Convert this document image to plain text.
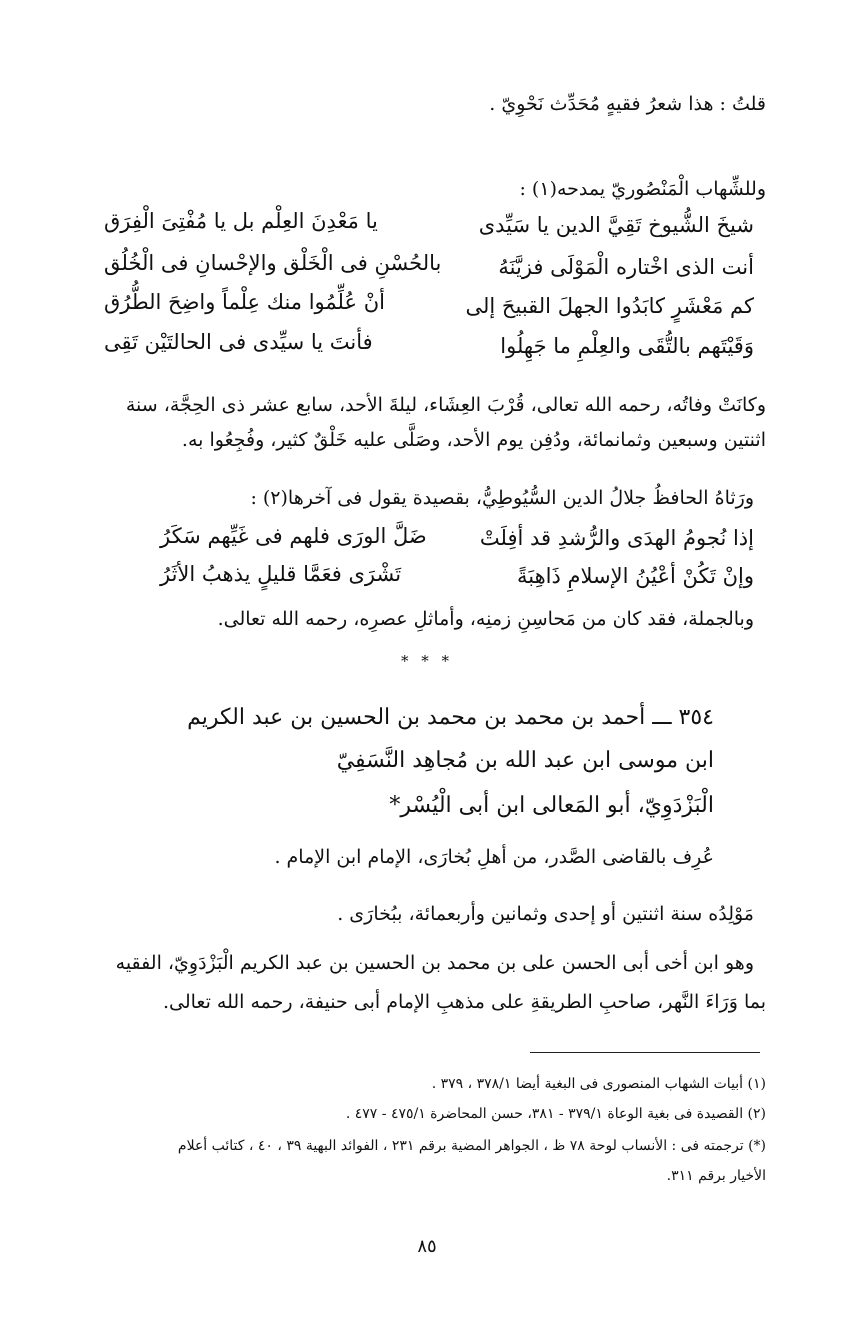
قلتُ : هذا شعرُ فقيهٍ مُحَدِّث نَحْوِيّ .
وللشِّهاب الْمَنْصُوريّ يمدحه(١) :
شيخَ الشُّيوخ تَقِيَّ الدين يا سَيِّدى
يا مَعْدِنَ العِلْم بل يا مُفْتِىَ الْفِرَق
أنت الذى اخْتاره الْمَوْلَى فزيَّنَهُ
بالحُسْنِ فى الْخَلْق والإحْسانِ فى الْخُلُق
كم مَعْشَرٍ كابَدُوا الجهلَ القبيحَ إلى
أنْ عُلِّمُوا منك عِلْماً واضِحَ الطُّرُق
وَقَيْتَهم بالتُّقَى والعِلْمِ ما جَهِلُوا
فأنتَ يا سيِّدى فى الحالتَيْن تَقِى
وكانَتْ وفاتُه، رحمه الله تعالى، قُرْبَ العِشَاء، ليلةَ الأحد، سابع عشر ذى الحِجَّة، سنة
اثنتين وسبعين وثمانمائة، ودُفِن يوم الأحد، وصَلَّى عليه خَلْقٌ كثير، وفُجِعُوا به.
ورَثاهُ الحافظُ جلالُ الدين السُّيُوطِيُّ، بقصيدة يقول فى آخرها(٢) :
إذا نُجومُ الهدَى والرُّشدِ قد أفِلَتْ
ضَلَّ الورَى فلهم فى غَيِّهم سَكَرُ
وإنْ تَكُنْ أعْيُنُ الإسلامِ ذَاهِبَةً
تَشْرَى فعَمَّا قليلٍ يذهبُ الأثَرُ
وبالجملة، فقد كان من مَحاسِنِ زمنِه، وأماثلِ عصرِه، رحمه الله تعالى.
* * *
٣٥٤ ـــ أحمد بن محمد بن محمد بن الحسين بن عبد الكريم
ابن موسى ابن عبد الله بن مُجاهِد النَّسَفِيّ
الْبَزْدَوِيّ، أبو المَعالى ابن أبى الْيُسْر*
عُرِف بالقاضى الصَّدر، من أهلِ بُخارَى، الإمام ابن الإمام .
مَوْلِدُه سنة اثنتين أو إحدى وثمانين وأربعمائة، ببُخارَى .
وهو ابن أخى أبى الحسن على بن محمد بن الحسين بن عبد الكريم الْبَزْدَوِيّ، الفقيه
بما وَرَاءَ النَّهر، صاحبِ الطريقةِ على مذهبِ الإمام أبى حنيفة، رحمه الله تعالى.
(١) أبيات الشهاب المنصورى فى البغية أيضا ٣٧٨/١ ، ٣٧٩ .
(٢) القصيدة فى بغية الوعاة ٣٧٩/١ - ٣٨١، حسن المحاضرة ٤٧٥/١ - ٤٧٧ .
(*) ترجمته فى : الأنساب لوحة ٧٨ ظ ، الجواهر المضية برقم ٢٣١ ، الفوائد البهية ٣٩ ، ٤٠ ، كتائب أعلام
الأخيار برقم ٣١١.
٨٥
